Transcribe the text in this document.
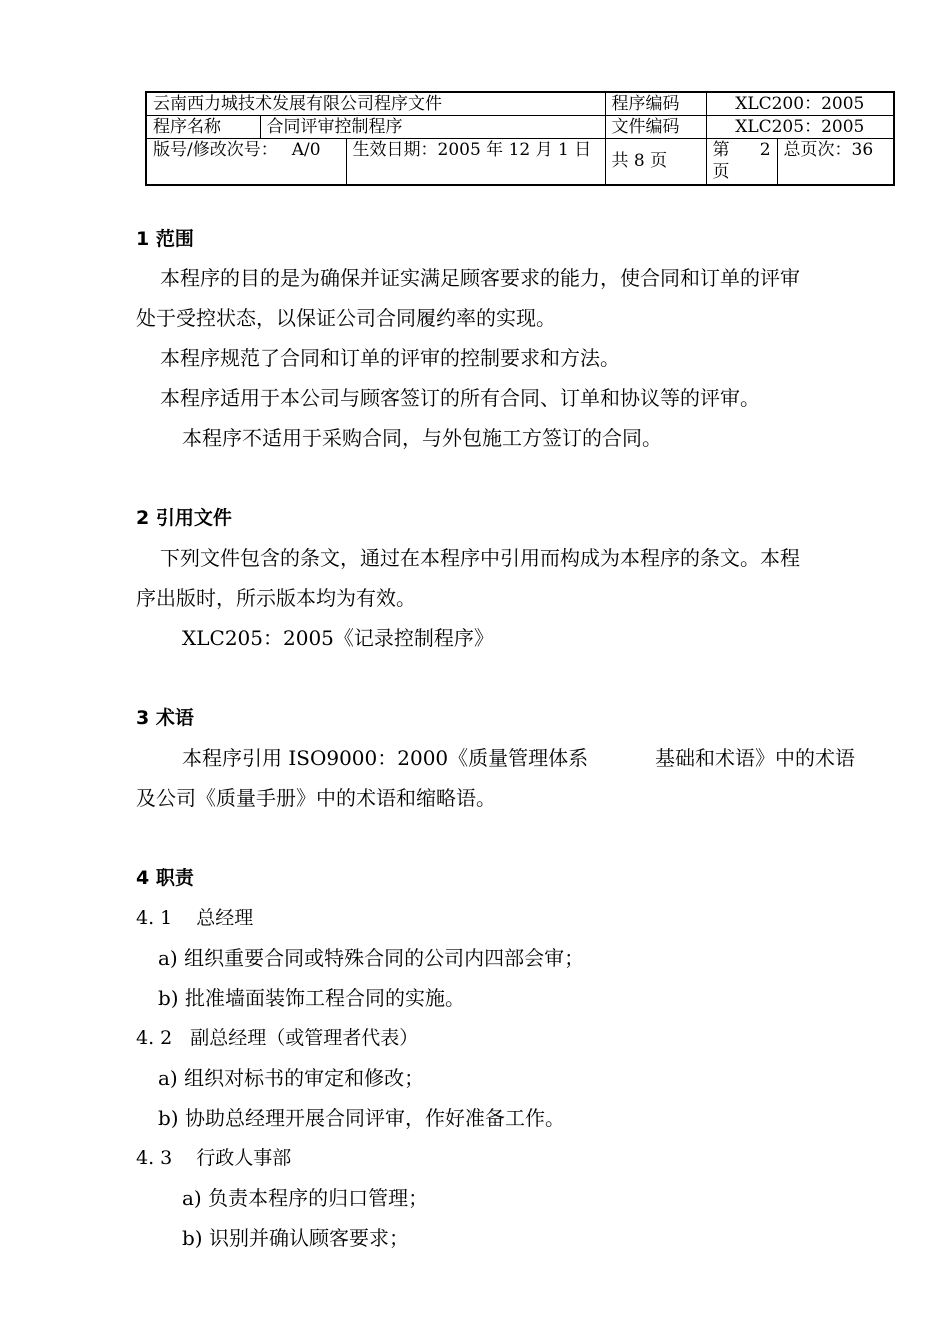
云南西力城技术发展有限公司程序文件			程序编码	XLC200：2005	
程序名称	合同评审控制程序		文件编码	XLC205：2005	
版号/修改次号： A/0		生效日期：2005 年 12 月 1 日	共 8 页	第 2
页	总页次：36
1 范围
本程序的目的是为确保并证实满足顾客要求的能力，使合同和订单的评审
处于受控状态，以保证公司合同履约率的实现。
本程序规范了合同和订单的评审的控制要求和方法。
本程序适用于本公司与顾客签订的所有合同、订单和协议等的评审。
本程序不适用于采购合同，与外包施工方签订的合同。
2 引用文件
下列文件包含的条文，通过在本程序中引用而构成为本程序的条文。本程
序出版时，所示版本均为有效。
XLC205：2005《记录控制程序》
3 术语
本程序引用 ISO9000：2000《质量管理体系	基础和术语》中的术语
及公司《质量手册》中的术语和缩略语。
4 职责
4. 1 总经理
a) 组织重要合同或特殊合同的公司内四部会审；
b) 批准墙面装饰工程合同的实施。
4. 2 副总经理（或管理者代表）
a) 组织对标书的审定和修改；
b) 协助总经理开展合同评审，作好准备工作。
4. 3 行政人事部
a) 负责本程序的归口管理；
b) 识别并确认顾客要求；
